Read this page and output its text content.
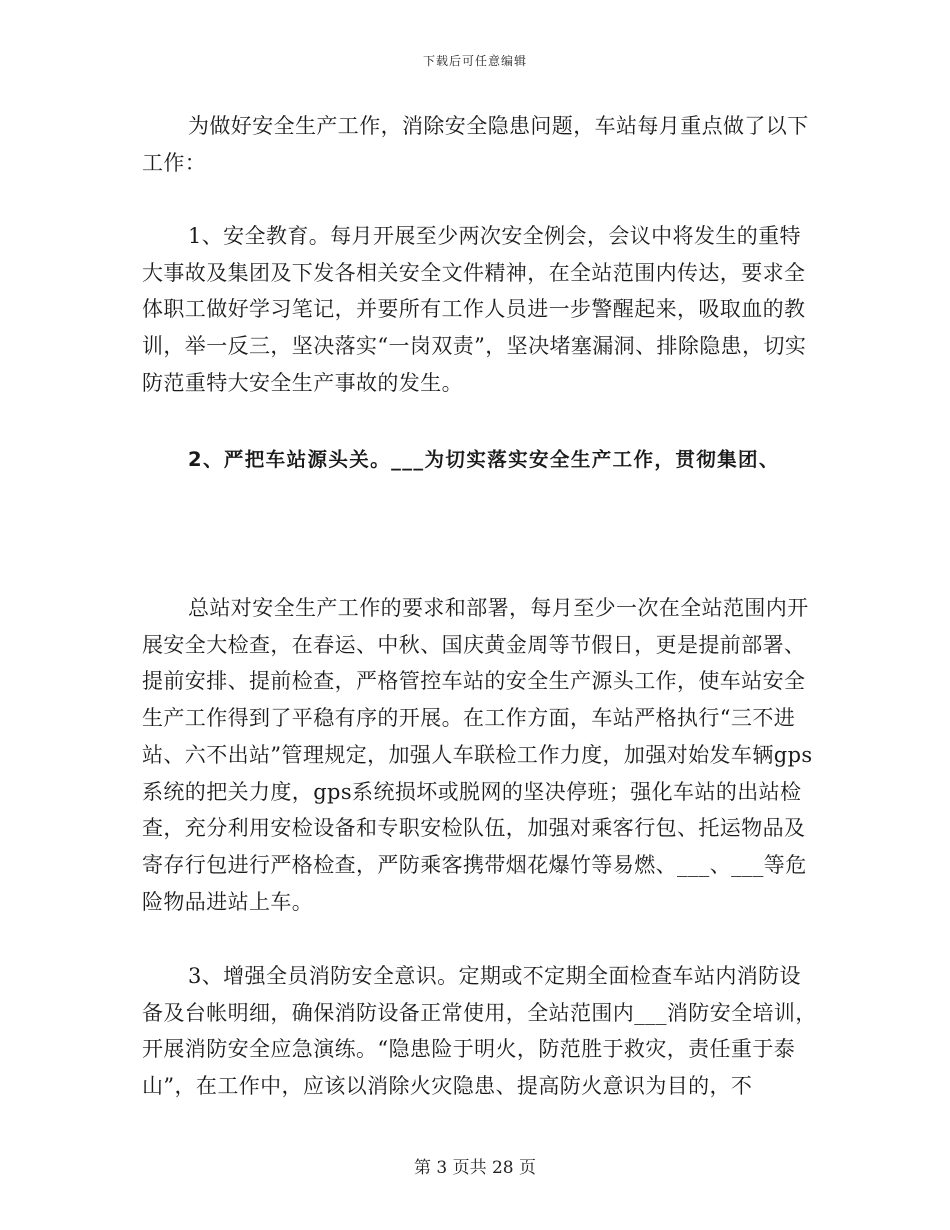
下载后可任意编辑

为做好安全生产工作，消除安全隐患问题，车站每月重点做了以下工作：

1、安全教育。每月开展至少两次安全例会，会议中将发生的重特大事故及集团及下发各相关安全文件精神，在全站范围内传达，要求全体职工做好学习笔记，并要所有工作人员进一步警醒起来，吸取血的教训，举一反三，坚决落实“一岗双责”，坚决堵塞漏洞、排除隐患，切实防范重特大安全生产事故的发生。

2、严把车站源头关。___为切实落实安全生产工作，贯彻集团、

总站对安全生产工作的要求和部署，每月至少一次在全站范围内开展安全大检查，在春运、中秋、国庆黄金周等节假日，更是提前部署、提前安排、提前检查，严格管控车站的安全生产源头工作，使车站安全生产工作得到了平稳有序的开展。在工作方面，车站严格执行“三不进站、六不出站”管理规定，加强人车联检工作力度，加强对始发车辆gps系统的把关力度，gps系统损坏或脱网的坚决停班；强化车站的出站检查，充分利用安检设备和专职安检队伍，加强对乘客行包、托运物品及寄存行包进行严格检查，严防乘客携带烟花爆竹等易燃、___、___等危险物品进站上车。

3、增强全员消防安全意识。定期或不定期全面检查车站内消防设备及台帐明细，确保消防设备正常使用，全站范围内___消防安全培训，开展消防安全应急演练。“隐患险于明火，防范胜于救灾，责任重于泰山”，在工作中，应该以消除火灾隐患、提高防火意识为目的，不

第 3 页共 28 页
